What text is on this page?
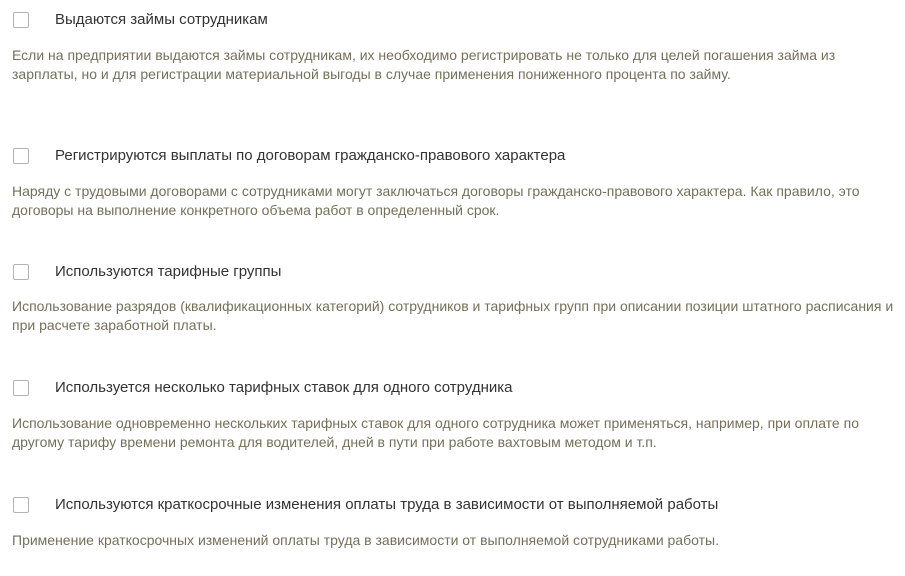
Выдаются займы сотрудникам

Если на предприятии выдаются займы сотрудникам, их необходимо регистрировать не только для целей погашения займа из зарплаты, но и для регистрации материальной выгоды в случае применения пониженного процента по займу.

Регистрируются выплаты по договорам гражданско-правового характера

Наряду с трудовыми договорами с сотрудниками могут заключаться договоры гражданско-правового характера. Как правило, это договоры на выполнение конкретного объема работ в определенный срок.

Используются тарифные группы

Использование разрядов (квалификационных категорий) сотрудников и тарифных групп при описании позиции штатного расписания и при расчете заработной платы.

Используется несколько тарифных ставок для одного сотрудника

Использование одновременно нескольких тарифных ставок для одного сотрудника может применяться, например, при оплате по другому тарифу времени ремонта для водителей, дней в пути при работе вахтовым методом и т.п.

Используются краткосрочные изменения оплаты труда в зависимости от выполняемой работы

Применение краткосрочных изменений оплаты труда в зависимости от выполняемой сотрудниками работы.
